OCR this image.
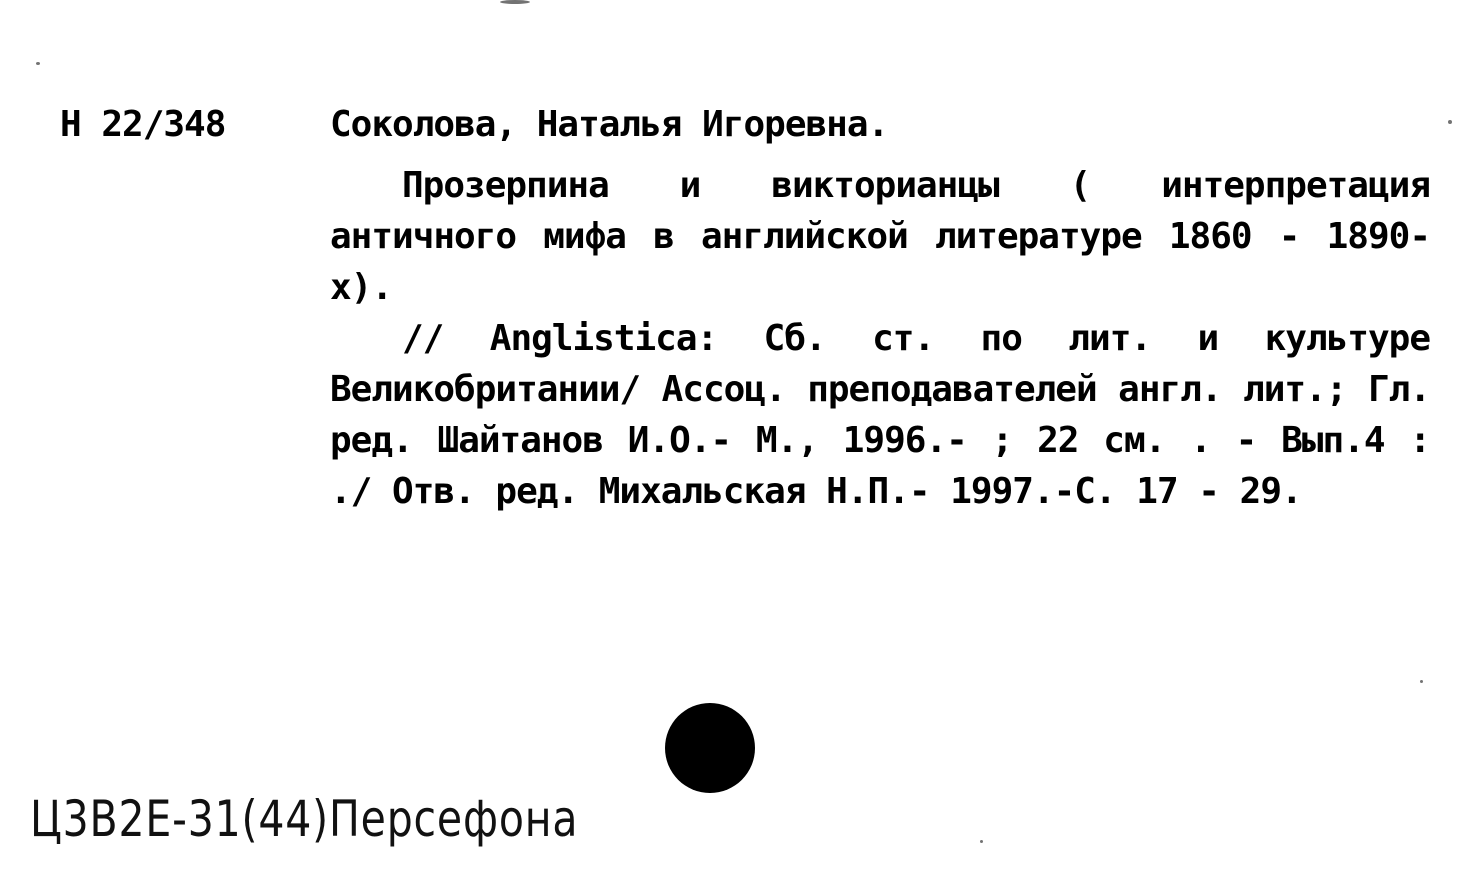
Н 22/348	Соколова, Наталья Игоревна.

Прозерпина и викторианцы ( интерпретация античного мифа в английской литературе 1860 - 1890-х).

// Anglistica: Сб. ст. по лит. и культуре Великобритании/ Ассоц. преподавателей англ. лит.; Гл. ред. Шайтанов И.О.- М., 1996.- ; 22 см. . - Вып.4 : ./ Отв. ред. Михальская Н.П.- 1997.-С. 17 - 29.

Ц3В2Е-31(44)Персефона
